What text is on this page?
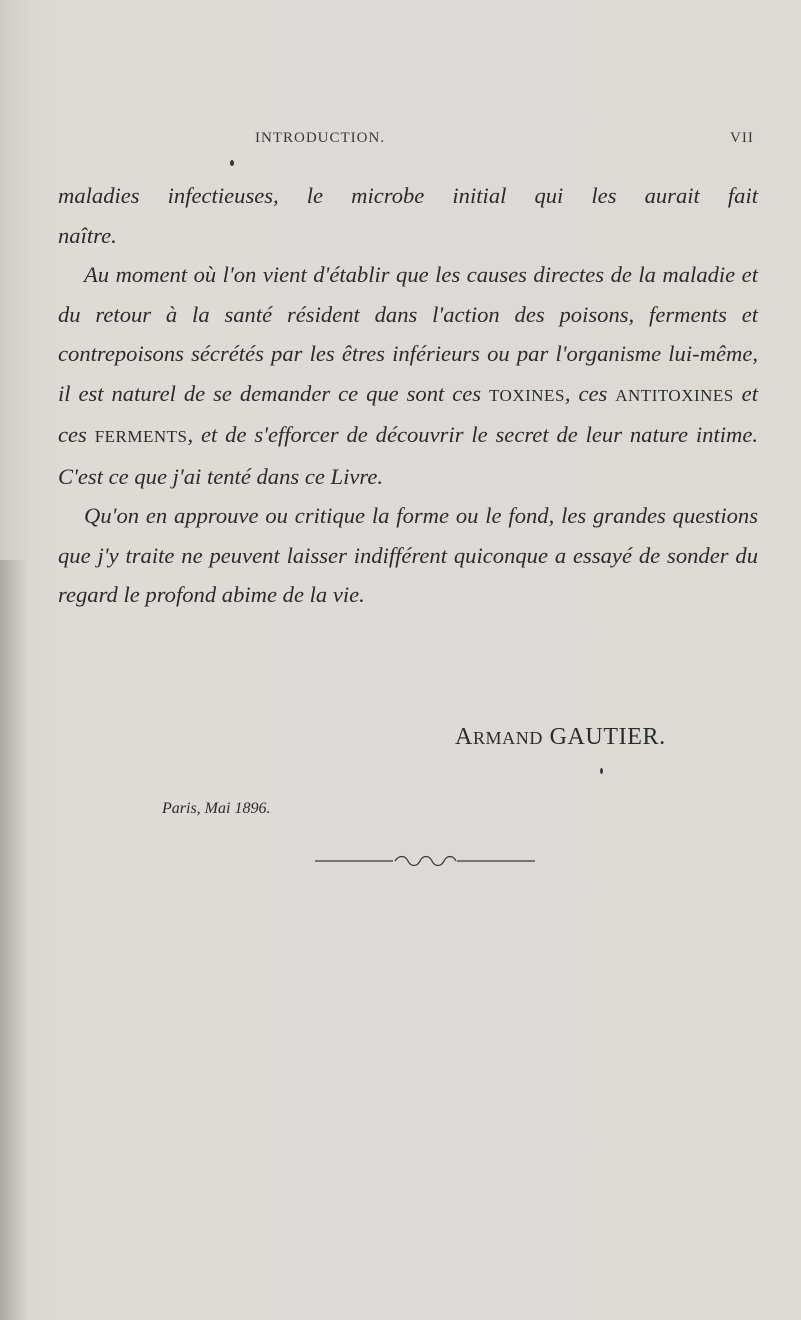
INTRODUCTION.	VII

maladies infectieuses, le microbe initial qui les aurait fait

naître.

Au moment où l'on vient d'établir que les causes directes de la maladie et du retour à la santé résident dans l'action des poisons, ferments et contrepoisons sécrétés par les êtres inférieurs ou par l'organisme lui-même, il est naturel de se demander ce que sont ces TOXINES, ces ANTITOXINES et ces FERMENTS, et de s'efforcer de découvrir le secret de leur nature intime. C'est ce que j'ai tenté dans ce Livre.

Qu'on en approuve ou critique la forme ou le fond, les grandes questions que j'y traite ne peuvent laisser indifférent quiconque a essayé de sonder du regard le profond abime de la vie.

ARMAND GAUTIER.
Paris, Mai 1896.
